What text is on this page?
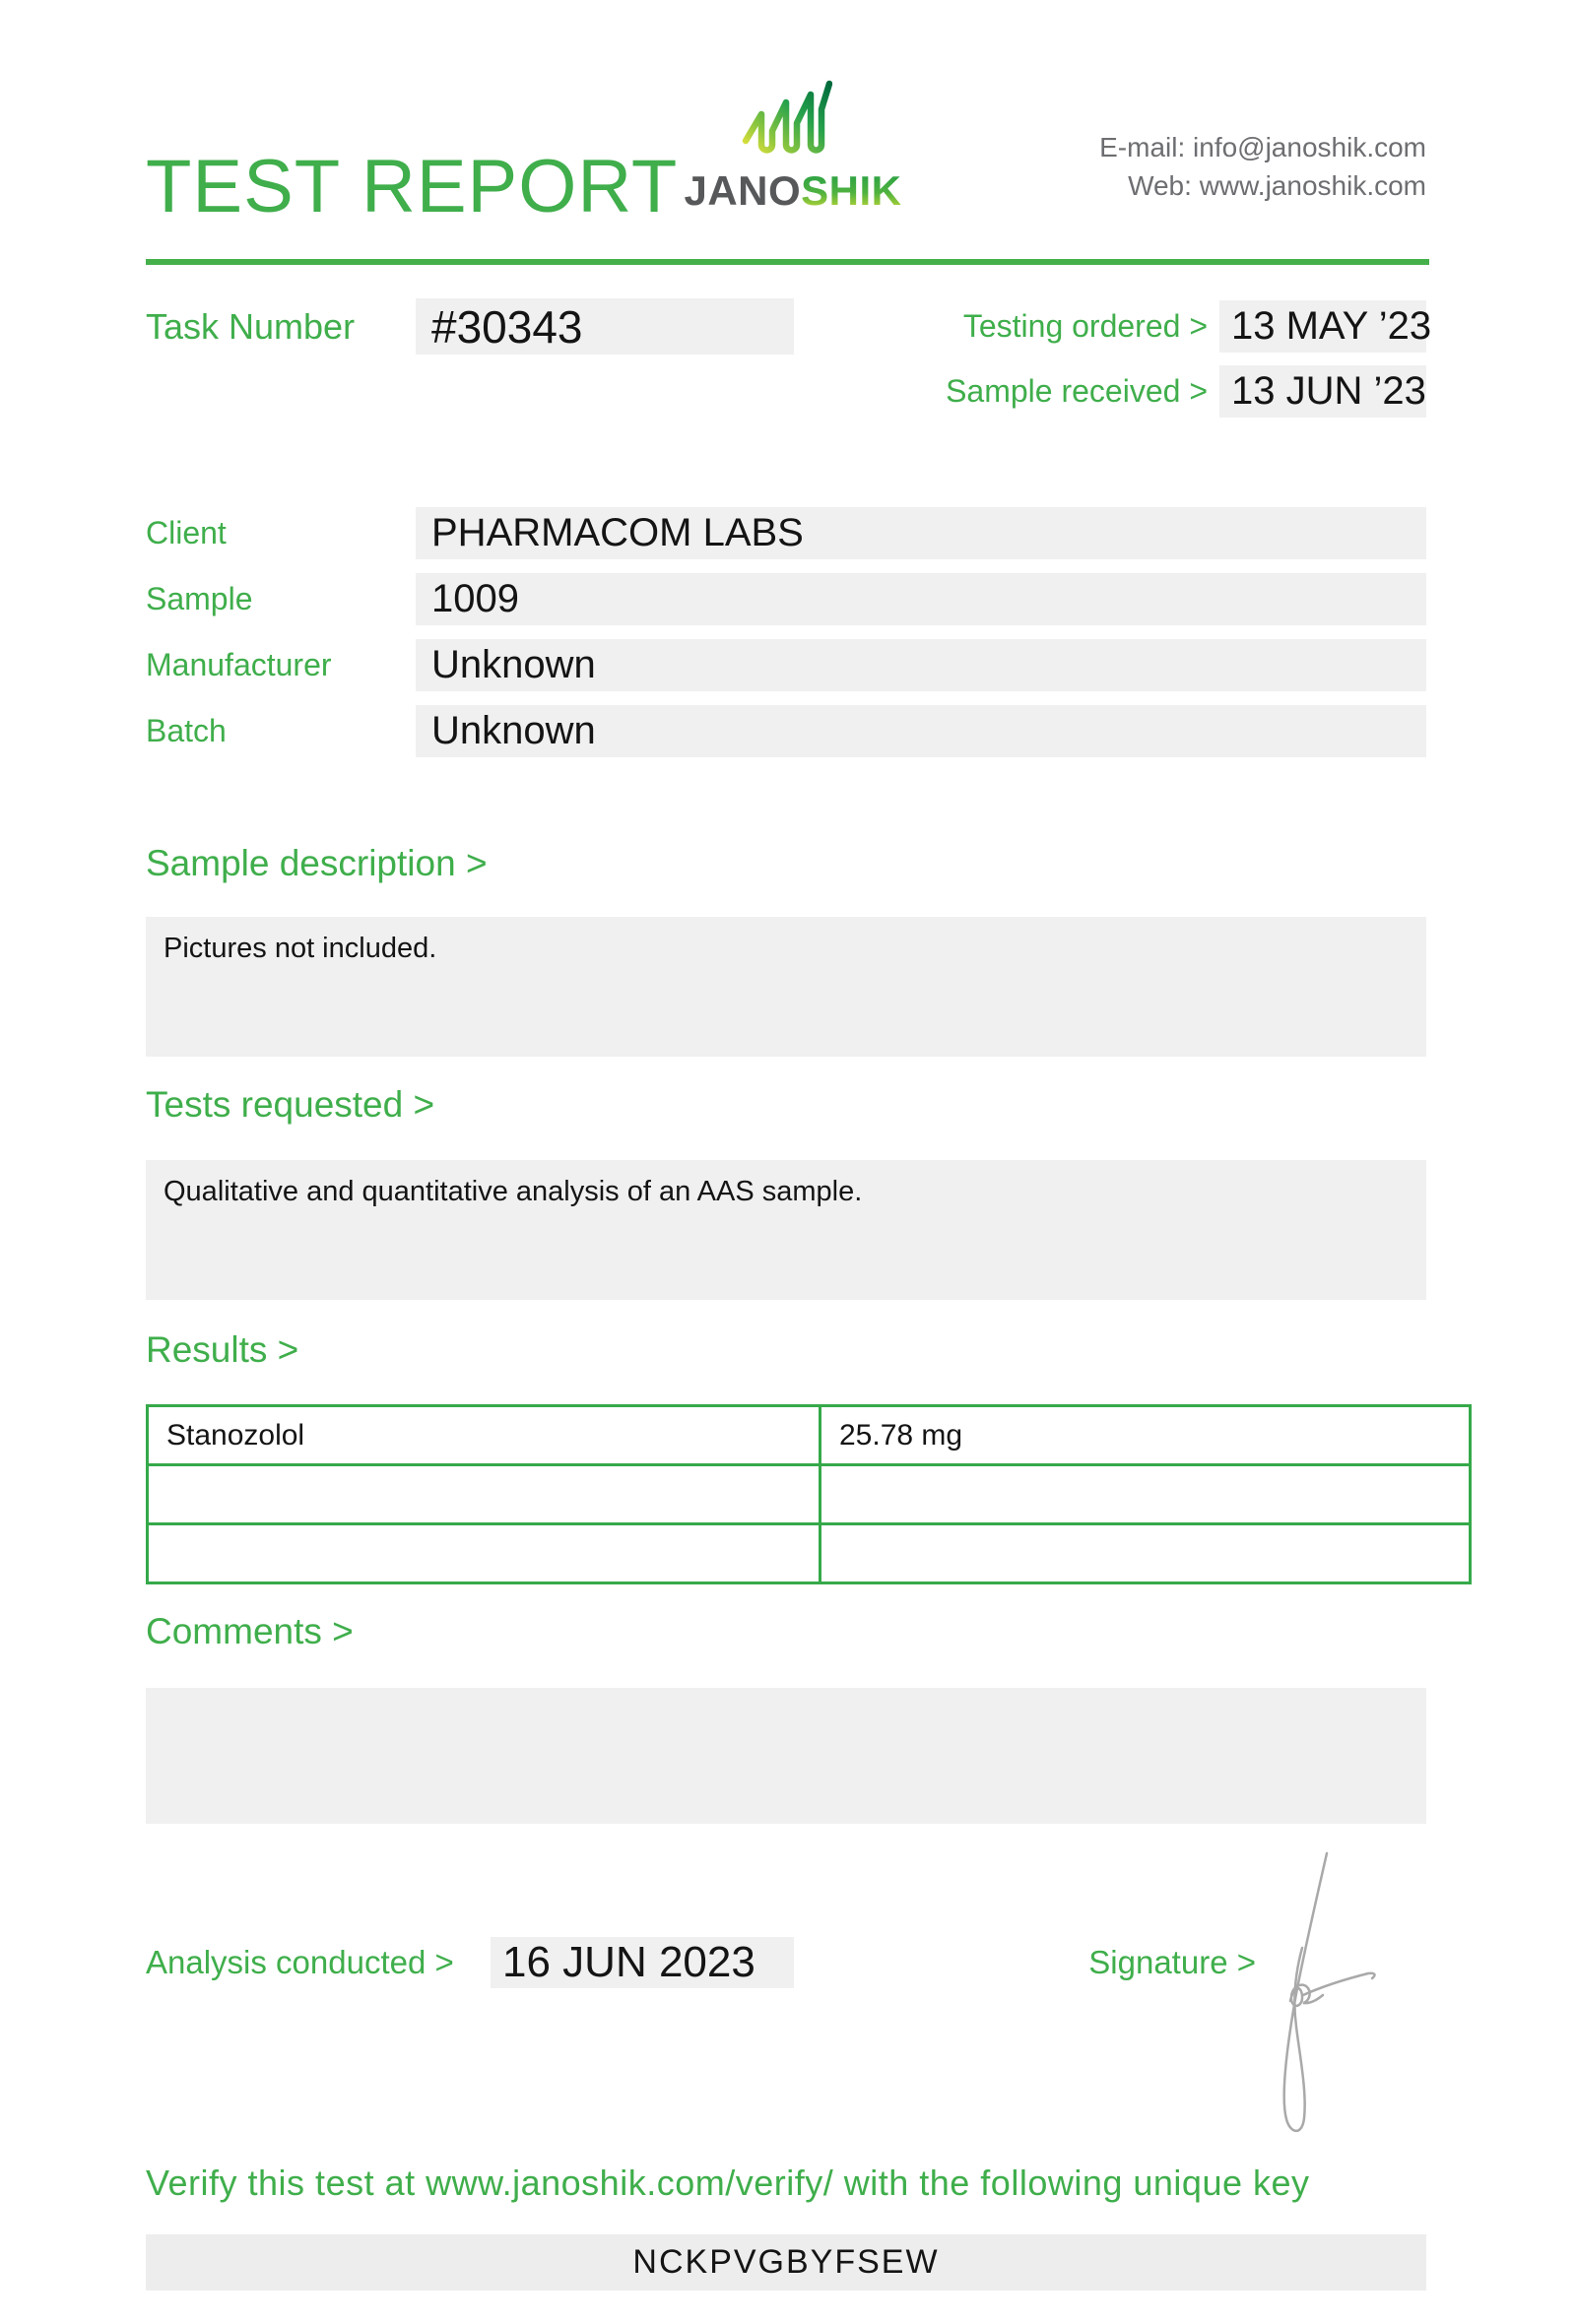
TEST REPORT JANOSHIK
E-mail: info@janoshik.com
Web: www.janoshik.com
Task Number	#30343	Testing ordered > 13 MAY ’23
Sample received > 13 JUN ’23
Client	PHARMACOM LABS
Sample	1009
Manufacturer	Unknown
Batch	Unknown
Sample description >
Pictures not included.
Tests requested >
Qualitative and quantitative analysis of an AAS sample.
Results >
Stanozolol	25.78 mg

Comments >
Analysis conducted > 16 JUN 2023	Signature >
Verify this test at www.janoshik.com/verify/ with the following unique key
NCKPVGBYFSEW
